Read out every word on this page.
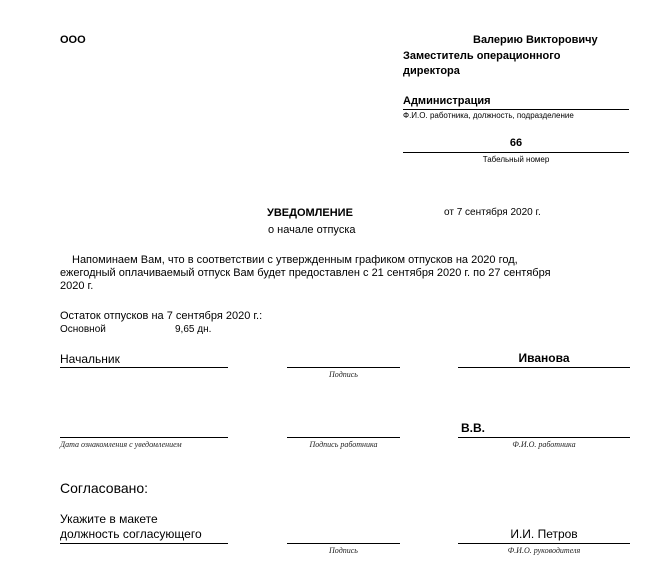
ООО	Валерию Викторовичу
Заместитель операционного
директора
Администрация
Ф.И.О. работника, должность, подразделение
66
Табельный номер
УВЕДОМЛЕНИЕ
о начале отпуска
от 7 сентября 2020 г.
Напоминаем Вам, что в соответствии с утвержденным графиком отпусков на 2020 год,
ежегодный оплачиваемый отпуск Вам будет предоставлен с 21 сентября 2020 г. по 27 сентября
2020 г.
Остаток отпусков на 7 сентября 2020 г.:
Основной	9,65 дн.
Начальник
Подпись
Иванова
Дата ознакомления с уведомлением	Подпись работника
В.В.
Ф.И.О. работника
Согласовано:
Укажите в макете
должность согласующего
Подпись
И.И. Петров
Ф.И.О. руководителя
